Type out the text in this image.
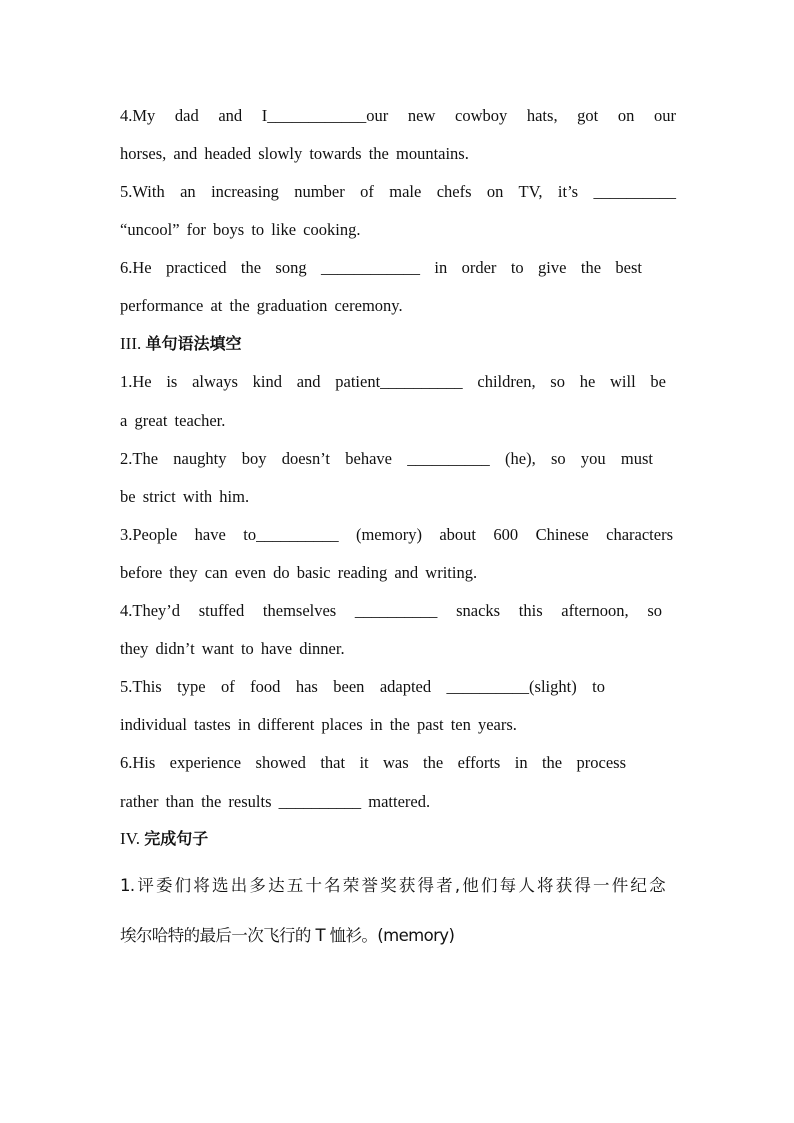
4.My dad and I____________our new cowboy hats, got on our
horses, and headed slowly towards the mountains.
5.With an increasing number of male chefs on TV, it’s __________
“uncool” for boys to like cooking.
6.He practiced the song ____________ in order to give the best
performance at the graduation ceremony.
III. 单句语法填空
1.He is always kind and patient__________ children, so he will be
a great teacher.
2.The naughty boy doesn’t behave __________ (he), so you must
be strict with him.
3.People have to__________ (memory) about 600 Chinese characters
before they can even do basic reading and writing.
4.They’d stuffed themselves __________ snacks this afternoon, so
they didn’t want to have dinner.
5.This type of food has been adapted __________(slight) to
individual tastes in different places in the past ten years.
6.His experience showed that it was the efforts in the process
rather than the results __________ mattered.
IV. 完成句子
1.评委们将选出多达五十名荣誉奖获得者,他们每人将获得一件纪念
埃尔哈特的最后一次飞行的 T 恤衫。(memory)
